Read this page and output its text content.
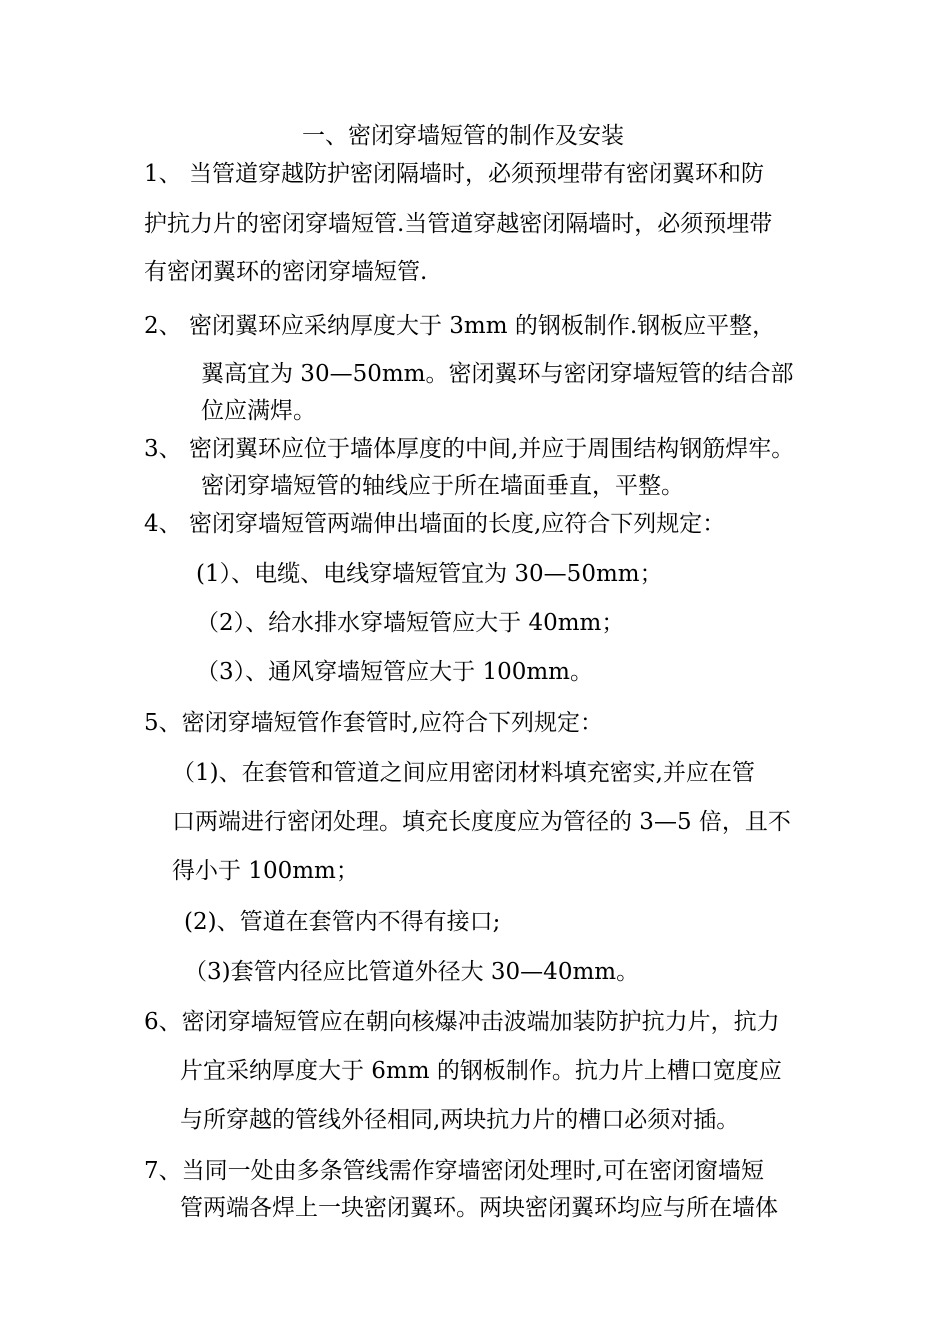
一、密闭穿墙短管的制作及安装
1、 当管道穿越防护密闭隔墙时，必须预埋带有密闭翼环和防
护抗力片的密闭穿墙短管.当管道穿越密闭隔墙时，必须预埋带
有密闭翼环的密闭穿墙短管.
2、 密闭翼环应采纳厚度大于 3mm 的钢板制作.钢板应平整，
翼高宜为 30—50mm。密闭翼环与密闭穿墙短管的结合部
位应满焊。
3、 密闭翼环应位于墙体厚度的中间,并应于周围结构钢筋焊牢。
密闭穿墙短管的轴线应于所在墙面垂直，平整。
4、 密闭穿墙短管两端伸出墙面的长度,应符合下列规定：
(1）、电缆、电线穿墙短管宜为 30—50mm；
（2）、给水排水穿墙短管应大于 40mm；
（3）、通风穿墙短管应大于 100mm。
5、密闭穿墙短管作套管时,应符合下列规定：
（1)、在套管和管道之间应用密闭材料填充密实,并应在管
口两端进行密闭处理。填充长度度应为管径的 3—5 倍，且不
得小于 100mm；
(2)、管道在套管内不得有接口;
（3)套管内径应比管道外径大 30—40mm。
6、密闭穿墙短管应在朝向核爆冲击波端加装防护抗力片，抗力
片宜采纳厚度大于 6mm 的钢板制作。抗力片上槽口宽度应
与所穿越的管线外径相同,两块抗力片的槽口必须对插。
7、当同一处由多条管线需作穿墙密闭处理时,可在密闭窗墙短
管两端各焊上一块密闭翼环。两块密闭翼环均应与所在墙体
